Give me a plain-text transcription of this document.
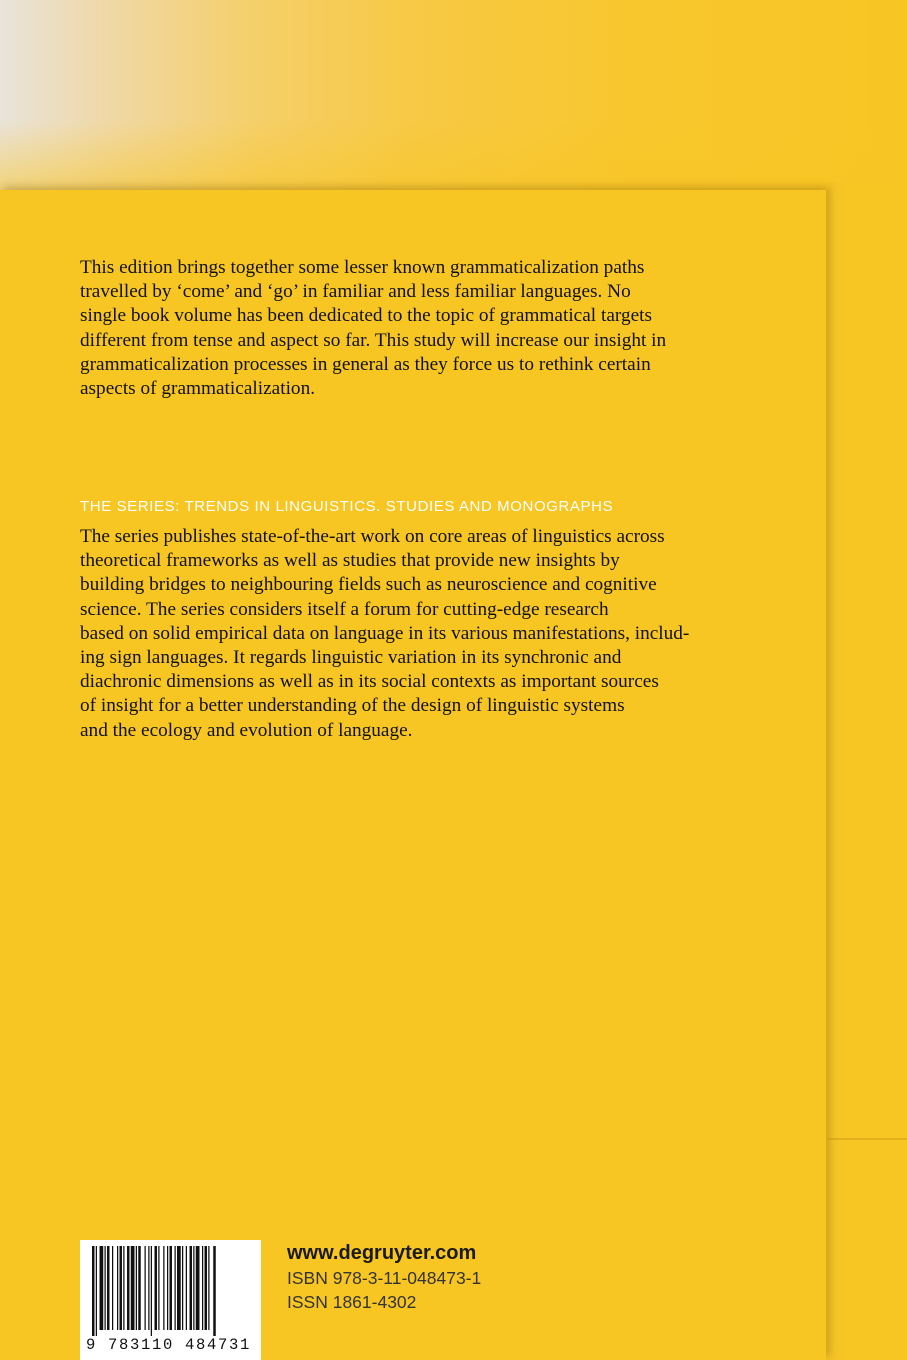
This edition brings together some lesser known grammaticalization paths

travelled by ‘come’ and ‘go’ in familiar and less familiar languages. No

single book volume has been dedicated to the topic of grammatical targets

different from tense and aspect so far. This study will increase our insight in

grammaticalization processes in general as they force us to rethink certain

aspects of grammaticalization.

THE SERIES: TRENDS IN LINGUISTICS. STUDIES AND MONOGRAPHS

The series publishes state-of-the-art work on core areas of linguistics across

theoretical frameworks as well as studies that provide new insights by

building bridges to neighbouring fields such as neuroscience and cognitive

science. The series considers itself a forum for cutting-edge research

based on solid empirical data on language in its various manifestations, includ-

ing sign languages. It regards linguistic variation in its synchronic and

diachronic dimensions as well as in its social contexts as important sources

of insight for a better understanding of the design of linguistic systems

and the ecology and evolution of language.

9 783110 484731
www.degruyter.com
ISBN 978-3-11-048473-1
ISSN 1861-4302
